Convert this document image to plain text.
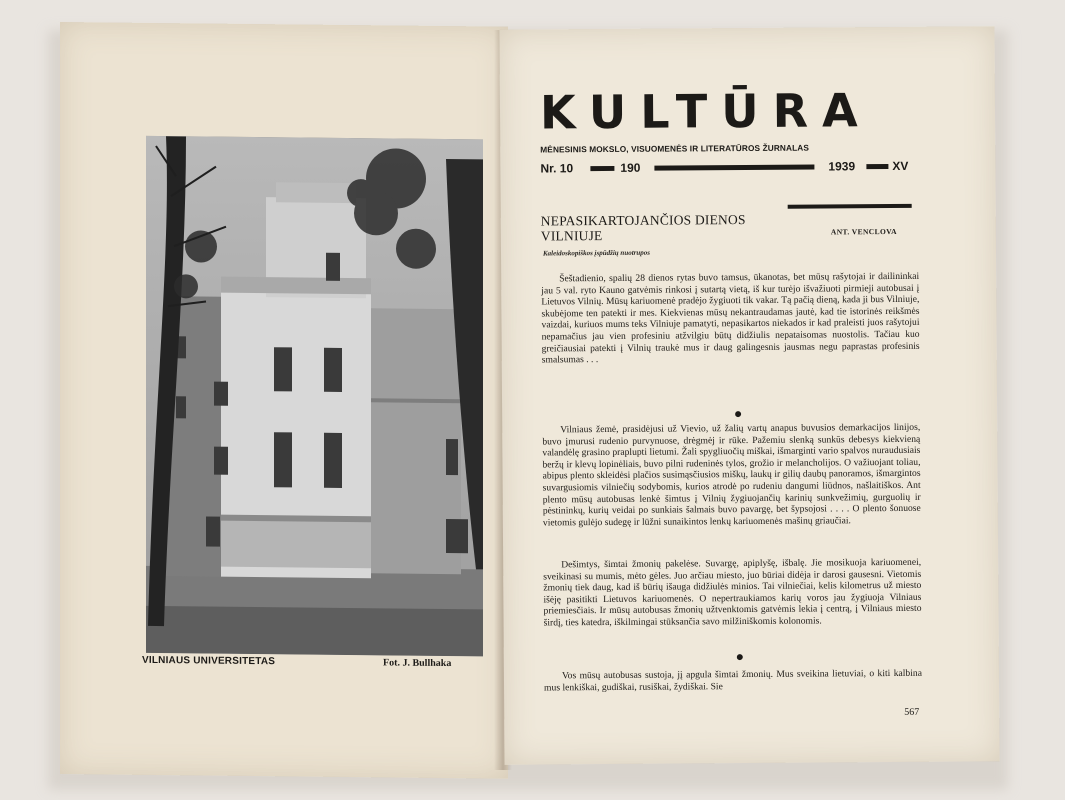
VILNIAUS UNIVERSITETAS	Fot. J. Bullhaka
KULTŪRA
MĖNESINIS MOKSLO, VISUOMENĖS IR LITERATŪROS ŽURNALAS
Nr. 10	190	1939	XV
NEPASIKARTOJANČIOS DIENOS
VILNIUJE	ANT. VENCLOVA
Kaleidoskopiškos įspūdžių nuotrupos

Šeštadienio, spalių 28 dienos rytas buvo tamsus, ūkanotas, bet mūsų rašytojai ir dailininkai jau 5 val. ryto Kauno gatvėmis rinkosi į sutartą vietą, iš kur turėjo išvažiuoti pirmieji autobusai į Lietuvos Vilnių. Mūsų kariuomenė pradėjo žygiuoti tik vakar. Tą pačią dieną, kada ji bus Vilniuje, skubėjome ten patekti ir mes. Kiekvienas mūsų nekantraudamas jautė, kad tie istorinės reikšmės vaizdai, kuriuos mums teks Vilniuje pamatyti, nepasikartos niekados ir kad praleisti juos rašytojui nepamačius jau vien profesiniu atžvilgiu būtų didžiulis nepataisomas nuostolis. Tačiau kuo greičiausiai patekti į Vilnių traukė mus ir daug galingesnis jausmas negu paprastas profesinis smalsumas . . .

Vilniaus žemė, prasidėjusi už Vievio, už žalių vartų anapus buvusios demarkacijos linijos, buvo įmurusi rudenio purvynuose, drėgmėj ir rūke. Pažemiu slenką sunkūs debesys kiekvieną valandėlę grasino praplupti lietumi. Žali spygliuočių miškai, išmarginti vario spalvos nuraudusiais beržų ir klevų lopinėliais, buvo pilni rudeninės tylos, grožio ir melancholijos. O važiuojant toliau, abipus plento skleidėsi plačios susimąsčiusios miškų, laukų ir gilių daubų panoramos, išmargintos suvargusiomis vilniečių sodybomis, kurios atrodė po rudeniu dangumi liūdnos, našlaitiškos. Ant plento mūsų autobusas lenkė šimtus į Vilnių žygiuojančių karinių sunkvežimių, gurguolių ir pėstininkų, kurių veidai po sunkiais šalmais buvo pavargę, bet šypsojosi . . . . O plento šonuose vietomis gulėjo sudegę ir lūžni sunaikintos lenkų kariuomenės mašinų griaučiai.

Dešimtys, šimtai žmonių pakelėse. Suvargę, apiplyšę, išbalę. Jie mosikuoja kariuomenei, sveikinasi su mumis, mėto gėles. Juo arčiau miesto, juo būriai didėja ir darosi gausesni. Vietomis žmonių tiek daug, kad iš būrių išauga didžiulės minios. Tai vilniečiai, kelis kilometrus už miesto išėję pasitikti Lietuvos kariuomenės. O nepertraukiamos karių voros jau žygiuoja Vilniaus priemiesčiais. Ir mūsų autobusas žmonių užtvenktomis gatvėmis lekia į centrą, į Vilniaus miesto širdį, ties katedra, iškilmingai stūksančia savo milžiniškomis kolonomis.

Vos mūsų autobusas sustoja, jį apgula šimtai žmonių. Mus sveikina lietuviai, o kiti kalbina mus lenkiškai, gudiškai, rusiškai, žydiškai. Sie

567
